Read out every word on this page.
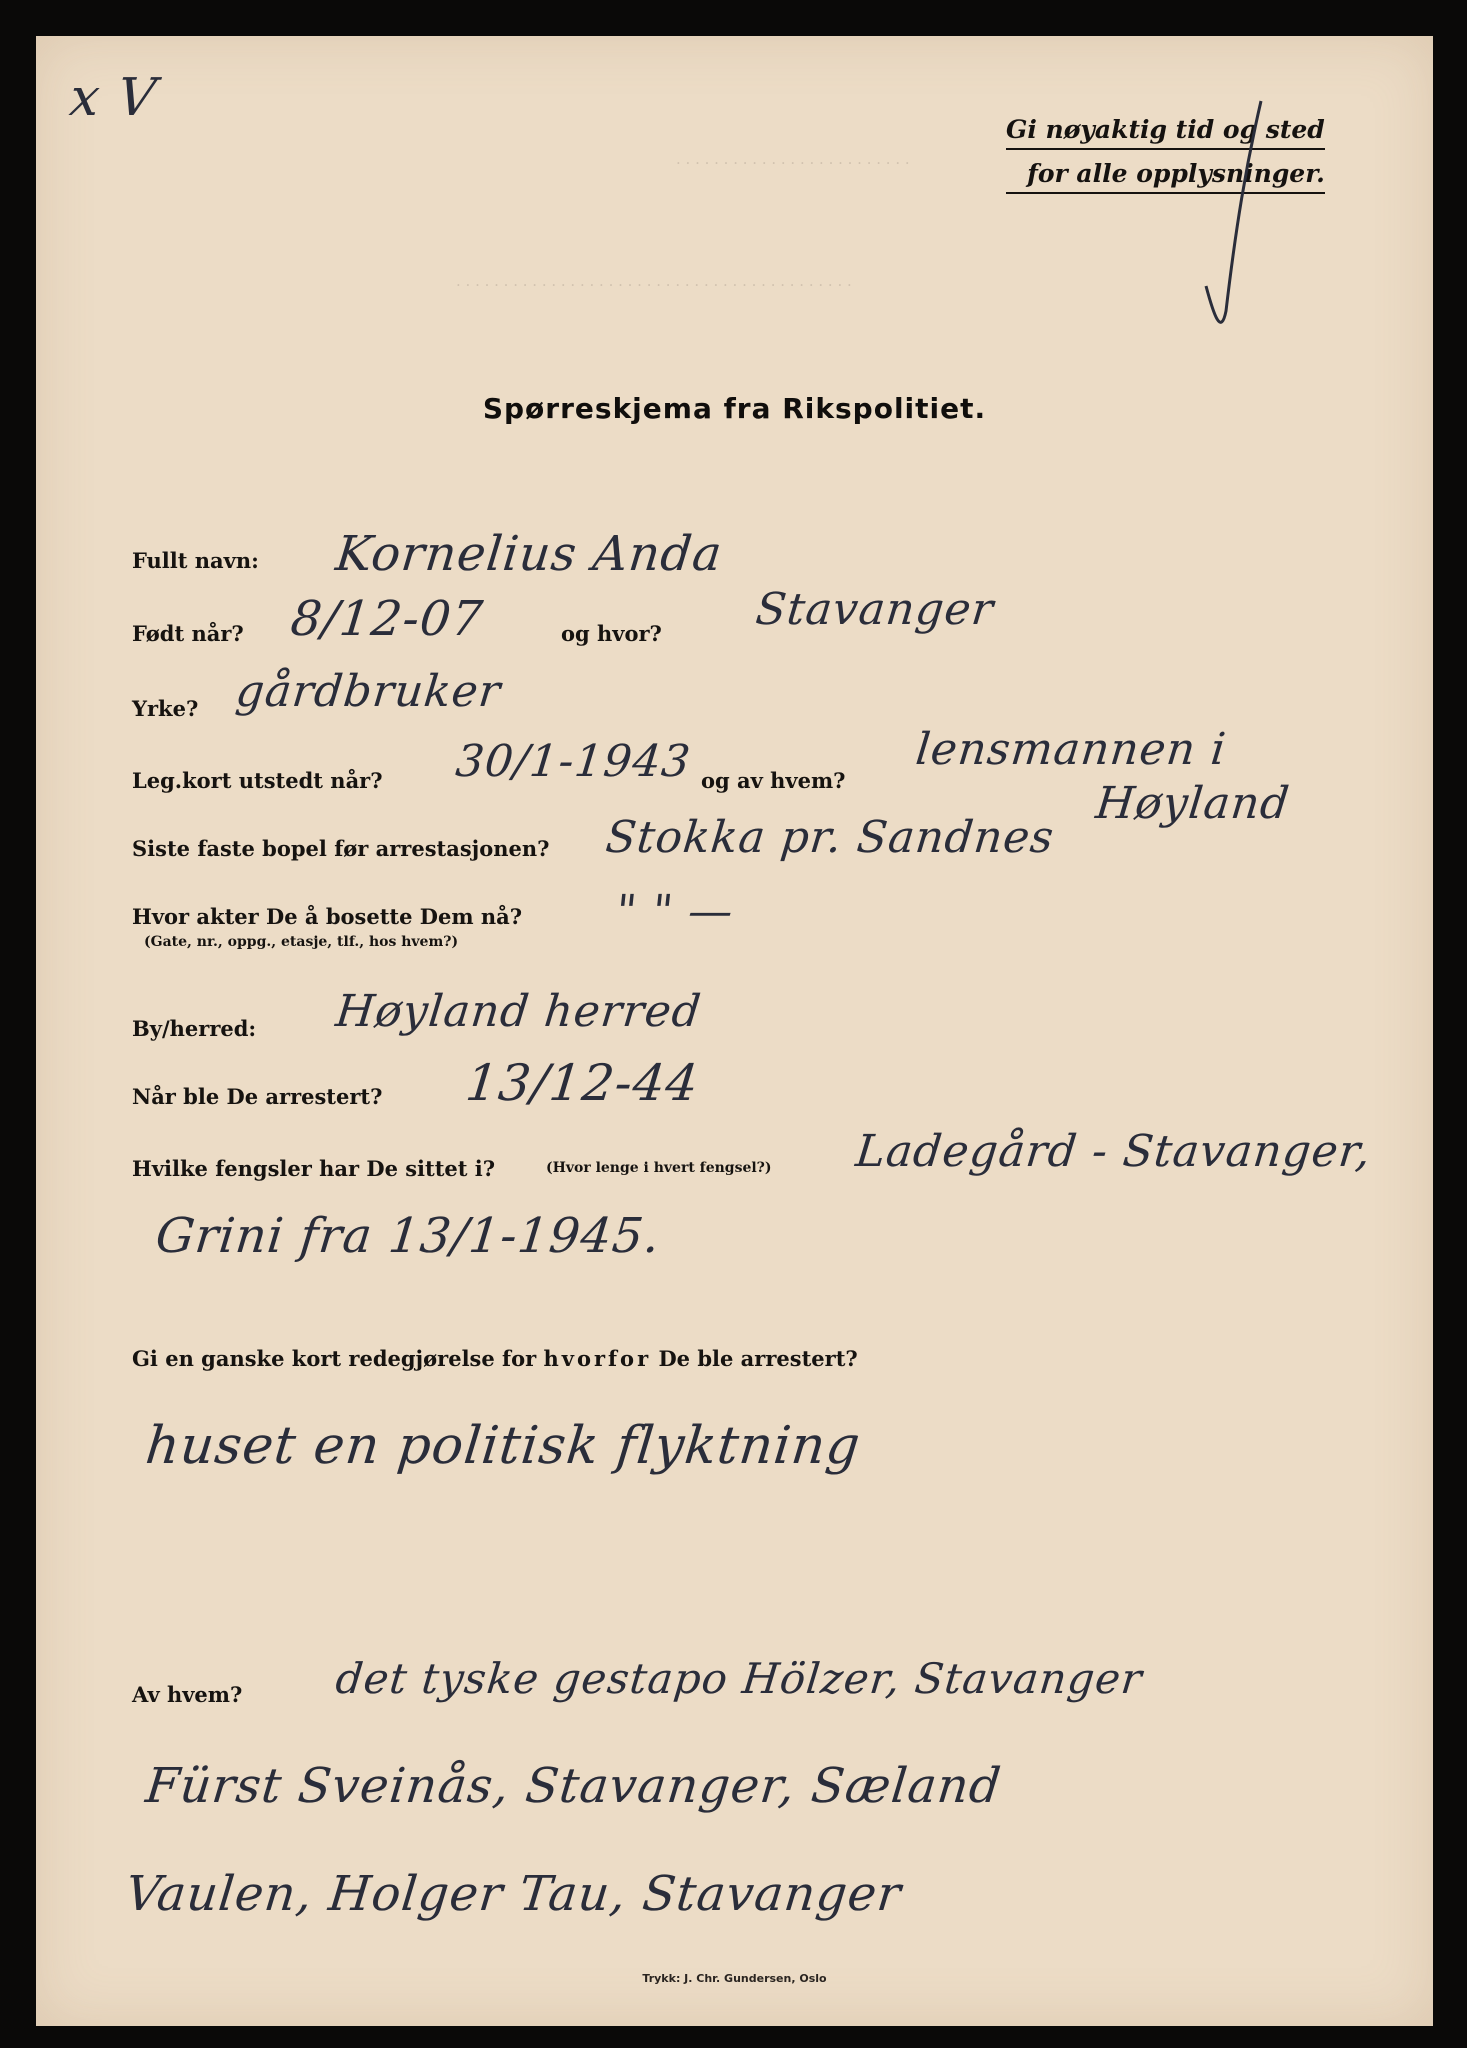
x V
· · · · · · · · · · · · · · · · · · · · · · · · ·
· · · · · · · · · · · · · · · · · · · · · · · · · · · · · · · · · · · · · · · · · ·
Gi nøyaktig tid og sted
for alle opplysninger.
Spørreskjema fra Rikspolitiet.
Fullt navn: Kornelius Anda
Født når? 8/12-07	og hvor? Stavanger
Yrke? gårdbruker
Leg.kort utstedt når? 30/1-1943 og av hvem?
lensmannen i
Høyland
Siste faste bopel før arrestasjonen? Stokka pr. Sandnes
Hvor akter De å bosette Dem nå?
(Gate, nr., oppg., etasje, tlf., hos hvem?)
" " —
By/herred: Høyland herred
Når ble De arrestert? 13/12-44
Hvilke fengsler har De sittet i?	(Hvor lenge i hvert fengsel?) Ladegård - Stavanger,
Grini fra 13/1-1945.
Gi en ganske kort redegjørelse for hvorfor De ble arrestert?
huset en politisk flyktning
Av hvem? det tyske gestapo Hölzer, Stavanger
Fürst Sveinås, Stavanger, Sæland
Vaulen, Holger Tau, Stavanger
Trykk: J. Chr. Gundersen, Oslo
